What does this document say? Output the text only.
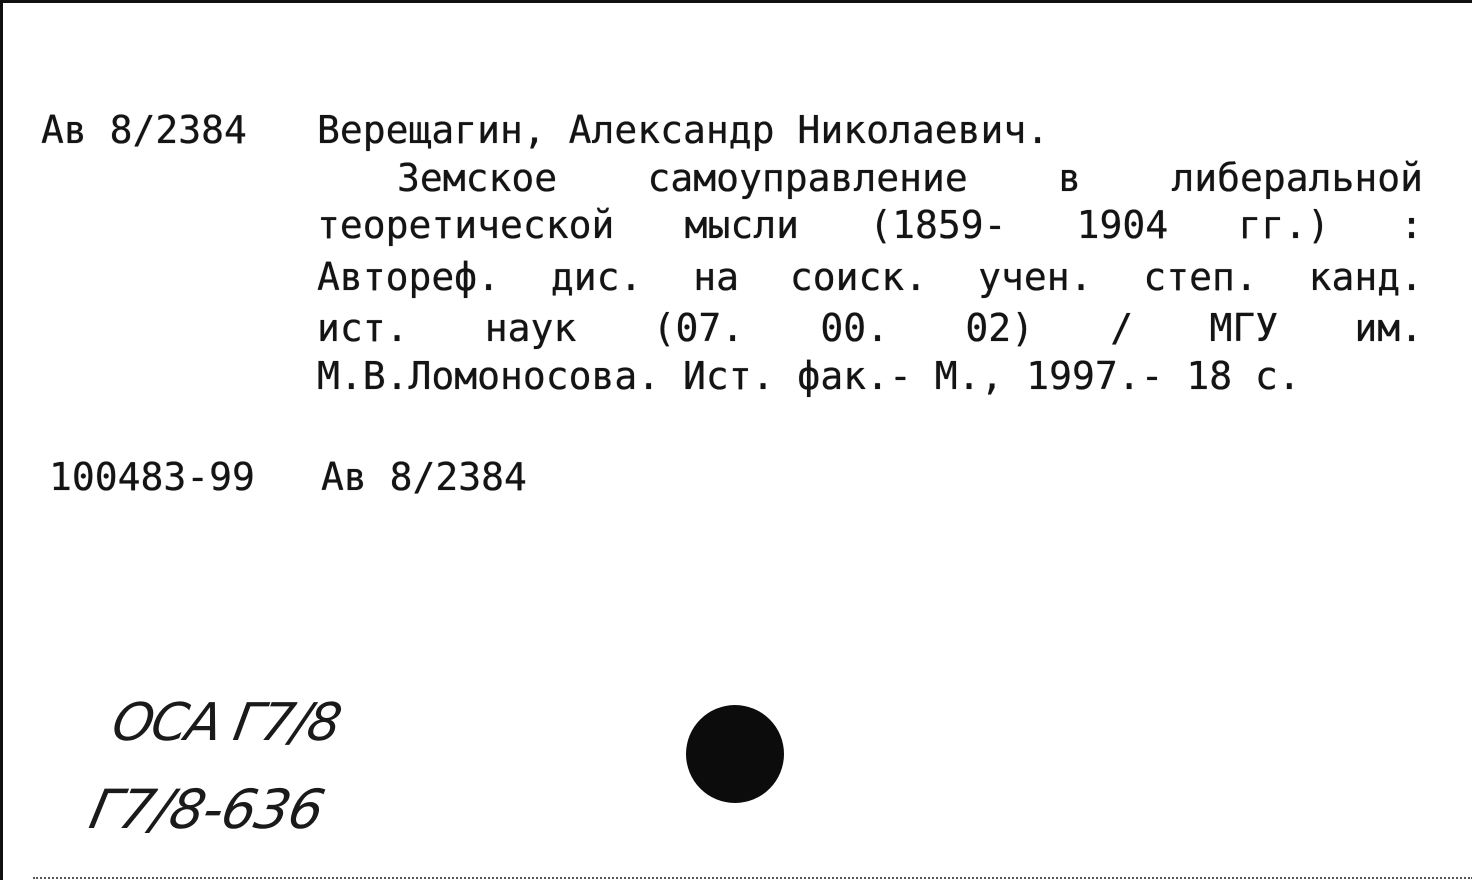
Ав 8/2384 Верещагин, Александр Николаевич.
Земское самоуправление в либеральной
теоретической мысли (1859- 1904 гг.) :
Автореф. дис. на соиск. учен. степ. канд.
ист. наук (07. 00. 02) / МГУ им.
М.В.Ломоносова. Ист. фак.- М., 1997.- 18 с.
100483-99 Ав 8/2384
ОСА Г7/8
Г7/8-636
